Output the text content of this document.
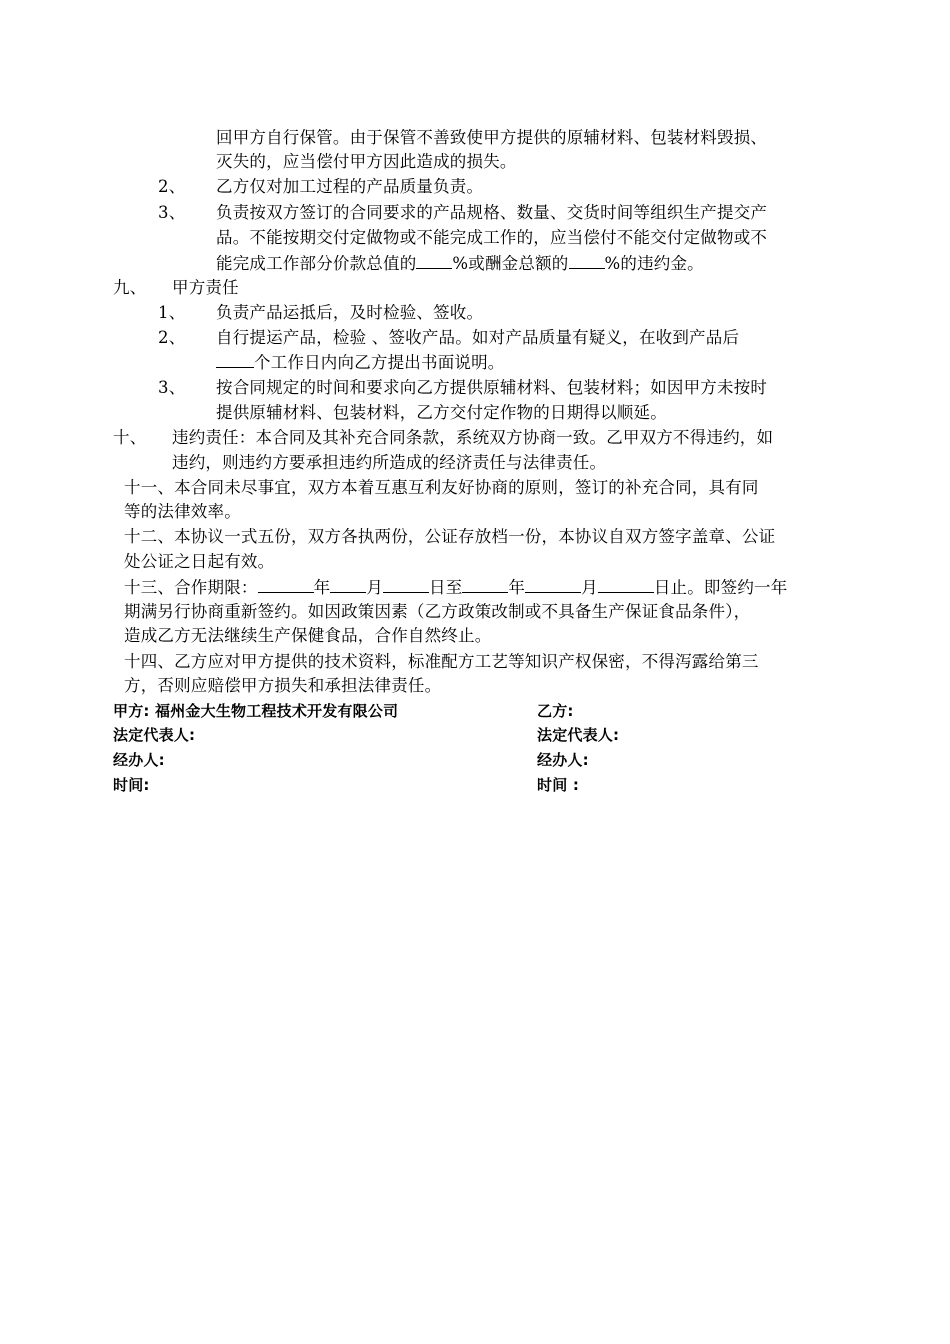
回甲方自行保管。由于保管不善致使甲方提供的原辅材料、包装材料毁损、
灭失的，应当偿付甲方因此造成的损失。
2、 乙方仅对加工过程的产品质量负责。
3、 负责按双方签订的合同要求的产品规格、数量、交货时间等组织生产提交产
品。不能按期交付定做物或不能完成工作的，应当偿付不能交付定做物或不
能完成工作部分价款总值的 %或酬金总额的 %的违约金。
九、 甲方责任
1、 负责产品运抵后，及时检验、签收。
2、 自行提运产品，检验 、签收产品。如对产品质量有疑义，在收到产品后
个工作日内向乙方提出书面说明。
3、 按合同规定的时间和要求向乙方提供原辅材料、包装材料；如因甲方未按时
提供原辅材料、包装材料，乙方交付定作物的日期得以顺延。
十、 违约责任：本合同及其补充合同条款，系统双方协商一致。乙甲双方不得违约，如
违约，则违约方要承担违约所造成的经济责任与法律责任。
十一、本合同未尽事宜，双方本着互惠互利友好协商的原则，签订的补充合同，具有同
等的法律效率。
十二、本协议一式五份，双方各执两份，公证存放档一份，本协议自双方签字盖章、公证
处公证之日起有效。
十三、合作期限：	年 月	日至	年	月	日止。即签约一年
期满另行协商重新签约。如因政策因素（乙方政策改制或不具备生产保证食品条件），
造成乙方无法继续生产保健食品，合作自然终止。
十四、乙方应对甲方提供的技术资料，标准配方工艺等知识产权保密，不得泻露给第三
方，否则应赔偿甲方损失和承担法律责任。
甲方: 福州金大生物工程技术开发有限公司	乙方:
法定代表人:	法定代表人:
经办人:	经办人:
时间:	时间 :
